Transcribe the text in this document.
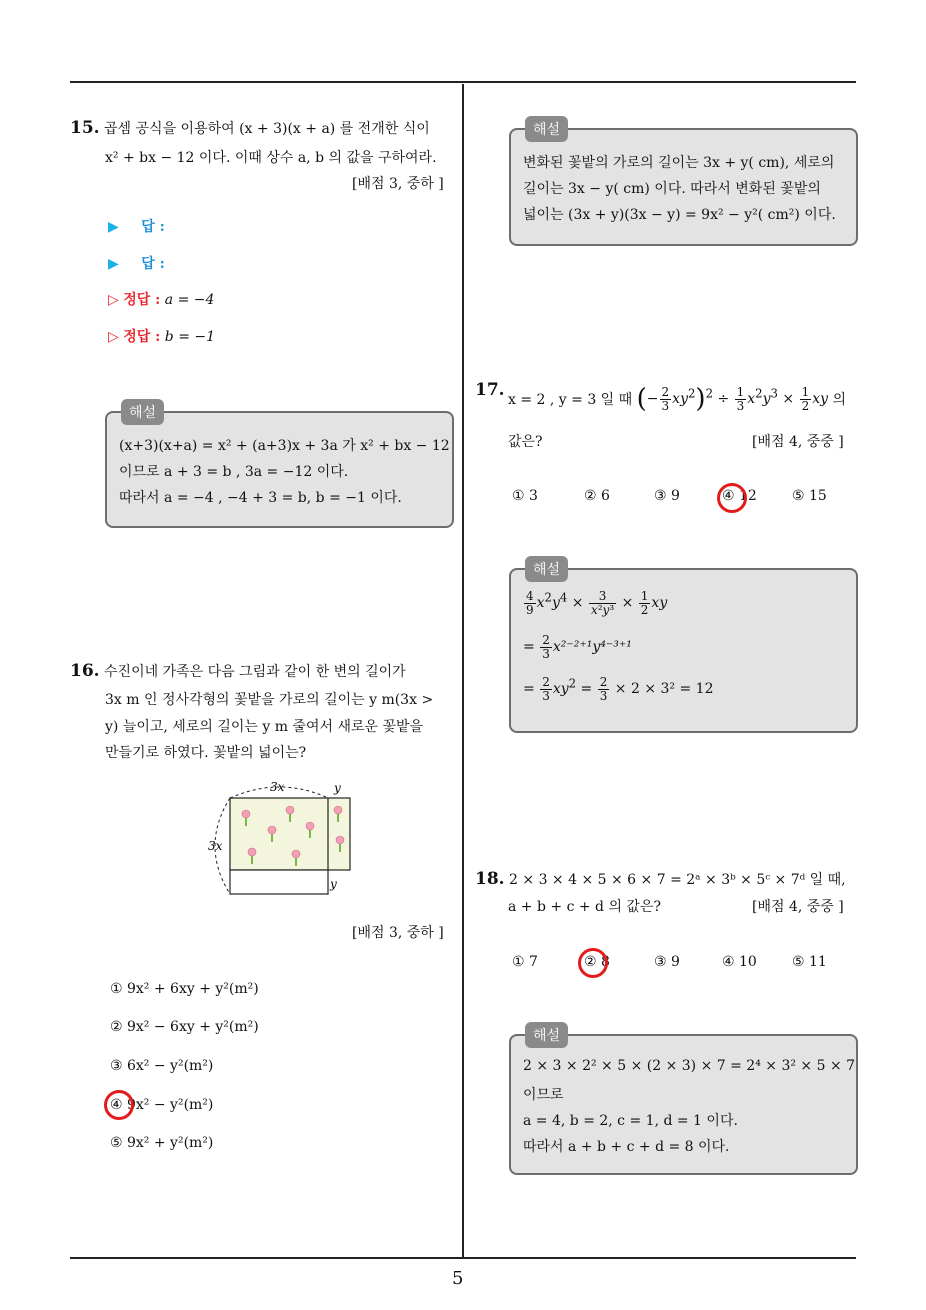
5
15. 곱셈 공식을 이용하여 (x + 3)(x + a) 를 전개한 식이
x² + bx − 12 이다. 이때 상수 a, b 의 값을 구하여라.
[배점 3, 중하 ]
▶ 답 :
▶ 답 :
▷ 정답 : a = −4
▷ 정답 : b = −1
해설
(x+3)(x+a) = x² + (a+3)x + 3a 가 x² + bx − 12
이므로 a + 3 = b , 3a = −12 이다.
따라서 a = −4 , −4 + 3 = b, b = −1 이다.
16. 수진이네 가족은 다음 그림과 같이 한 변의 길이가
3x m 인 정사각형의 꽃밭을 가로의 길이는 y m(3x >
y) 늘이고, 세로의 길이는 y m 줄여서 새로운 꽃밭을
만들기로 하였다. 꽃밭의 넓이는?
3x
3x
y
y
[배점 3, 중하 ]
① 9x² + 6xy + y²(m²)
② 9x² − 6xy + y²(m²)
③ 6x² − y²(m²)
④ 9x² − y²(m²)
⑤ 9x² + y²(m²)
해설
변화된 꽃밭의 가로의 길이는 3x + y( cm), 세로의
길이는 3x − y( cm) 이다. 따라서 변화된 꽃밭의
넓이는 (3x + y)(3x − y) = 9x² − y²( cm²) 이다.
17. x = 2 , y = 3 일 때 (− $\frac{2}{3} xy^2)^2 \div \frac{1}{3} x^2y^3 \times \frac{1}{2}$ xy 의
값은?	[배점 4, 중중 ]
① 3	② 6	③ 9	④ 12	⑤ 15
해설
$\frac{4}{9} x^2y^4 \times \frac{3}{\text{x²y³}} \times \frac{1}{2}$ xy
= $\frac{2}{3} x^{2-2+1}y^{4-3+1}$
= $\frac{2}{3} xy^2 = \frac{2}{3} \times 2 \times 3^2 = 12$
18. 2 × 3 × 4 × 5 × 6 × 7 = 2ᵃ × 3ᵇ × 5ᶜ × 7ᵈ 일 때,
a + b + c + d 의 값은?	[배점 4, 중중 ]
① 7	② 8	③ 9	④ 10	⑤ 11
해설
2 × 3 × 2² × 5 × (2 × 3) × 7 = 2⁴ × 3² × 5 × 7
이므로
a = 4, b = 2, c = 1, d = 1 이다.
따라서 a + b + c + d = 8 이다.
